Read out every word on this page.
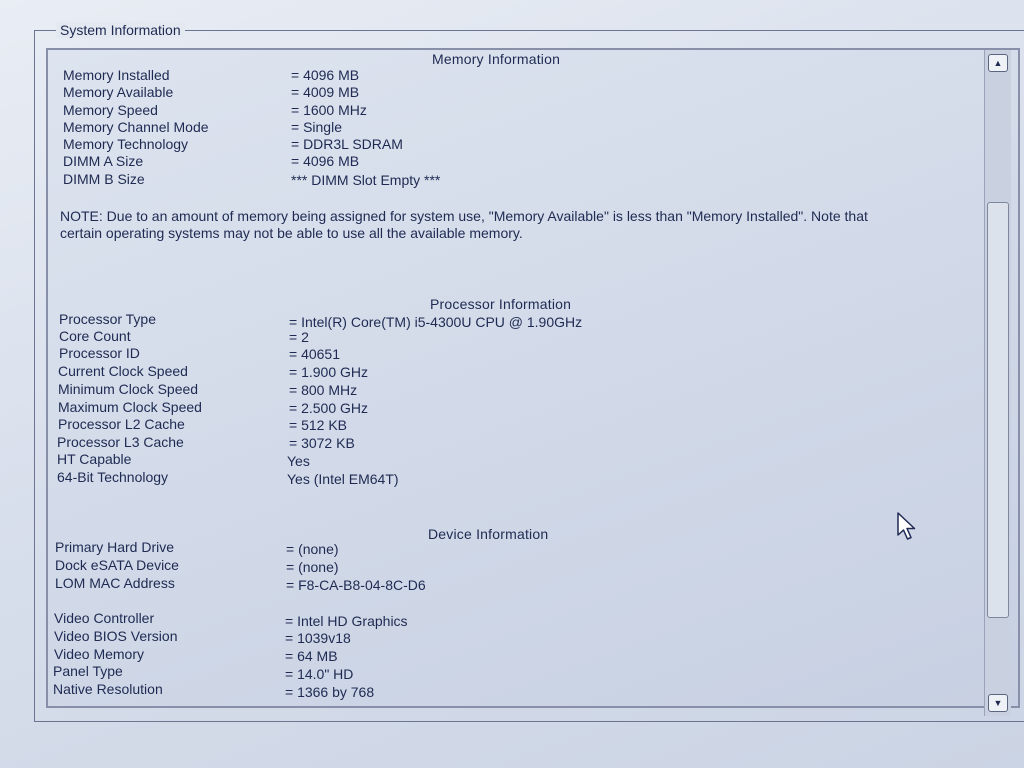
System Information
Memory Information
Memory Installed	= 4096 MB
Memory Available	= 4009 MB
Memory Speed	= 1600 MHz
Memory Channel Mode	= Single
Memory Technology	= DDR3L SDRAM
DIMM A Size	= 4096 MB
DIMM B Size	*** DIMM Slot Empty ***
NOTE: Due to an amount of memory being assigned for system use, "Memory Available" is less than "Memory Installed". Note that certain operating systems may not be able to use all the available memory.
Processor Information
Processor Type	= Intel(R) Core(TM) i5-4300U CPU @ 1.90GHz
Core Count	= 2
Processor ID	= 40651
Current Clock Speed	= 1.900 GHz
Minimum Clock Speed	= 800 MHz
Maximum Clock Speed	= 2.500 GHz
Processor L2 Cache	= 512 KB
Processor L3 Cache	= 3072 KB
HT Capable	Yes
64-Bit Technology	Yes (Intel EM64T)
Device Information
Primary Hard Drive	= (none)
Dock eSATA Device	= (none)
LOM MAC Address	= F8-CA-B8-04-8C-D6
Video Controller	= Intel HD Graphics
Video BIOS Version	= 1039v18
Video Memory	= 64 MB
Panel Type	= 14.0" HD
Native Resolution	= 1366 by 768
▲
▼
